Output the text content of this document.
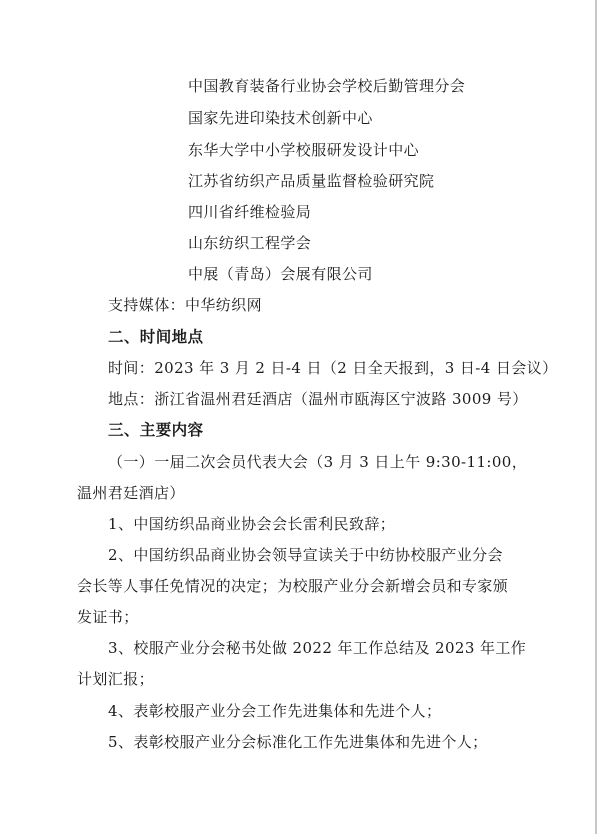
中国教育装备行业协会学校后勤管理分会
国家先进印染技术创新中心
东华大学中小学校服研发设计中心
江苏省纺织产品质量监督检验研究院
四川省纤维检验局
山东纺织工程学会
中展（青岛）会展有限公司
支持媒体：中华纺织网
二、时间地点
时间：2023 年 3 月 2 日-4 日（2 日全天报到，3 日-4 日会议）
地点：浙江省温州君廷酒店（温州市瓯海区宁波路 3009 号）
三、主要内容
（一）一届二次会员代表大会（3 月 3 日上午 9:30-11:00，
温州君廷酒店）
1、中国纺织品商业协会会长雷利民致辞；
2、中国纺织品商业协会领导宣读关于中纺协校服产业分会
会长等人事任免情况的决定；为校服产业分会新增会员和专家颁
发证书；
3、校服产业分会秘书处做 2022 年工作总结及 2023 年工作
计划汇报；
4、表彰校服产业分会工作先进集体和先进个人；
5、表彰校服产业分会标准化工作先进集体和先进个人；
